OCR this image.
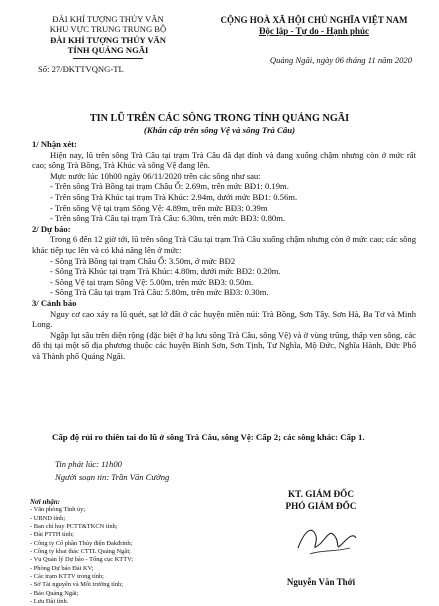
ĐÀI KHÍ TƯỢNG THỦY VĂN
KHU VỰC TRUNG TRUNG BỘ
ĐÀI KHÍ TƯỢNG THỦY VĂN
TỈNH QUẢNG NGÃI
Số: 27/ĐKTTVQNG-TL
CỘNG HOÀ XÃ HỘI CHỦ NGHĨA VIỆT NAM
Độc lập - Tự do - Hạnh phúc
Quảng Ngãi, ngày 06 tháng 11 năm 2020
TIN LŨ TRÊN CÁC SÔNG TRONG TỈNH QUẢNG NGÃI
(Khẩn cấp trên sông Vệ và sông Trà Câu)

1/ Nhận xét:

Hiện nay, lũ trên sông Trà Câu tại trạm Trà Câu đã đạt đỉnh và đang xuống chậm nhưng còn ở mức rất cao; sông Trà Bồng, Trà Khúc và sông Vệ đang lên.

Mực nước lúc 10h00 ngày 06/11/2020 trên các sông như sau:

- Trên sông Trà Bồng tại trạm Châu Ổ: 2.69m, trên mức BĐ1: 0.19m.

- Trên sông Trà Khúc tại trạm Trà Khúc: 2.94m, dưới mức BĐ1: 0.56m.

- Trên sông Vệ tại trạm Sông Vệ: 4.89m, trên mức BĐ3: 0.39m

- Trên sông Trà Câu tại trạm Trà Câu: 6.30m, trên mức BĐ3: 0.80m.

2/ Dự báo:

Trong 6 đến 12 giờ tới, lũ trên sông Trà Câu tại trạm Trà Câu xuống chậm nhưng còn ở mức cao; các sông khác tiếp tục lên và có khả năng lên ở mức:

- Sông Trà Bồng tại trạm Châu Ổ: 3.50m, ở mức BĐ2

- Sông Trà Khúc tại trạm Trà Khúc: 4.80m, dưới mức BĐ2: 0.20m.

- Sông Vệ tại trạm Sông Vệ: 5.00m, trên mức BĐ3: 0.50m.

- Sông Trà Câu tại trạm Trà Câu: 5.80m, trên mức BĐ3: 0.30m.

3/ Cảnh báo

Nguy cơ cao xảy ra lũ quét, sạt lở đất ở các huyện miền núi: Trà Bồng, Sơn Tây. Sơn Hà, Ba Tơ và Minh Long.

Ngập lụt sâu trên diện rộng (đặc biệt ở hạ lưu sông Trà Câu, sông Vệ) và ở vùng trũng, thấp ven sông, các đô thị tại một số địa phương thuộc các huyện Bình Sơn, Sơn Tịnh, Tư Nghĩa, Mộ Đức, Nghĩa Hành, Đức Phổ và Thành phố Quảng Ngãi.

Cấp độ rủi ro thiên tai do lũ ở sông Trà Câu, sông Vệ: Cấp 2; các sông khác: Cấp 1.
Tin phát lúc: 11h00
Người soạn tin: Trần Văn Cường
Nơi nhận:
- Văn phòng Tỉnh ủy;
- UBND tỉnh;
- Ban chỉ huy PCTT&TKCN tỉnh;
- Đài PTTH tỉnh;
- Công ty Cổ phần Thủy điện Đakđrinh;
- Công ty khai thác CTTL Quảng Ngãi;
- Vụ Quản lý Dự báo - Tổng cục KTTV;
- Phòng Dự báo Đài KV;
- Các trạm KTTV trong tỉnh;
- Sở Tài nguyên và Môi trường tỉnh;
- Báo Quảng Ngãi;
- Lưu Đài tỉnh.
KT. GIÁM ĐỐC
PHÓ GIÁM ĐỐC
Nguyễn Văn Thới
